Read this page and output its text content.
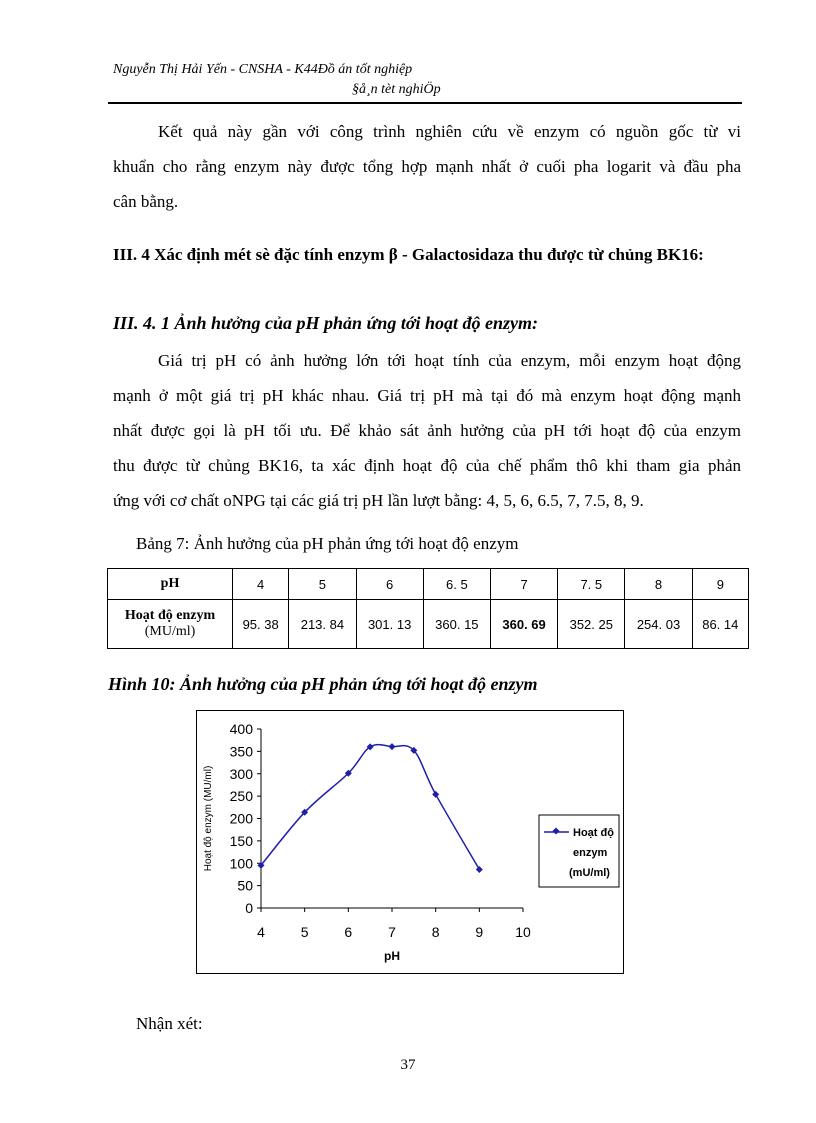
Nguyễn Thị Hải Yến - CNSHA - K44Đồ án tốt nghiệp
§å¸n tèt nghiÖp
Kết quả này gần với công trình nghiên cứu về enzym có nguồn gốc từ vi
khuẩn cho rằng enzym này được tổng hợp mạnh nhất ở cuối pha logarit và đầu pha
cân bằng.
III. 4 Xác định mét sè đặc tính enzym β - Galactosidaza thu được từ chủng BK16:
III. 4. 1 Ảnh hưởng của pH phản ứng tới hoạt độ enzym:
Giá trị pH có ảnh hưởng lớn tới hoạt tính của enzym, mỗi enzym hoạt động
mạnh ở một giá trị pH khác nhau. Giá trị pH mà tại đó mà enzym hoạt động mạnh
nhất được gọi là pH tối ưu. Để khảo sát ảnh hưởng của pH tới hoạt độ của enzym
thu được từ chủng BK16, ta xác định hoạt độ của chế phẩm thô khi tham gia phản
ứng với cơ chất oNPG tại các giá trị pH lần lượt bằng: 4, 5, 6, 6.5, 7, 7.5, 8, 9.
Bảng 7: Ảnh hưởng của pH phản ứng tới hoạt độ enzym
pH	4	5	6	6. 5	7	7. 5	8	9
Hoạt độ enzym
(MU/ml)	95. 38	213. 84	301. 13	360. 15	360. 69	352. 25	254. 03	86. 14
Hình 10: Ảnh hưởng của pH phản ứng tới hoạt độ enzym
0
50
100
150
200
250
300
350
400
4	5	6	7	8	9 10
Hoạt độ enzym (MU/ml)
pH
Hoạt độ
enzym
(mU/ml)
Nhận xét:
37
